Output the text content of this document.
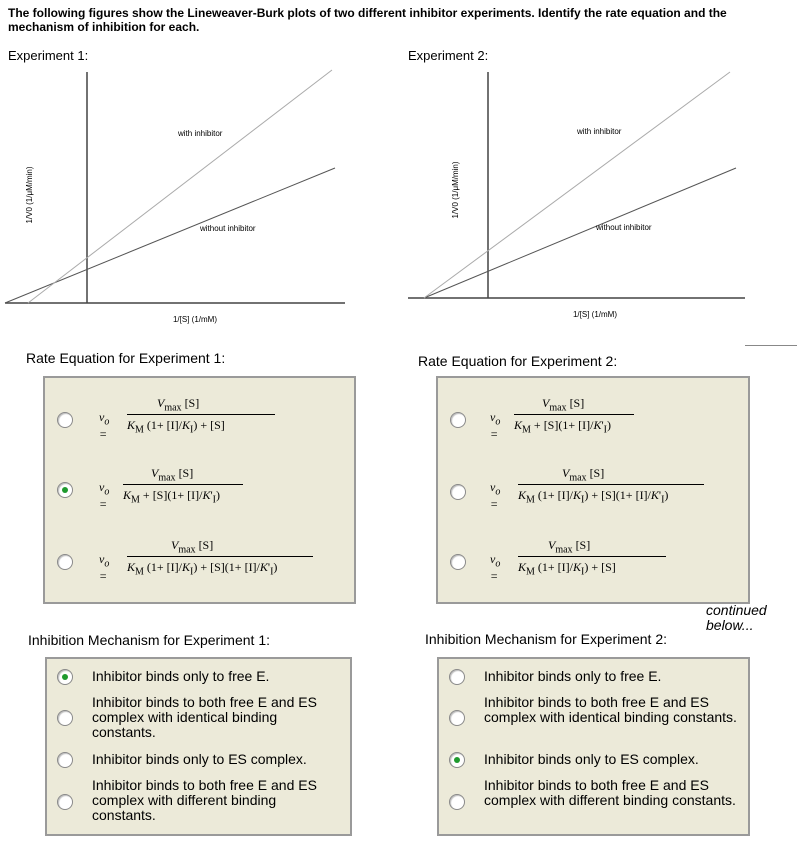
The following figures show the Lineweaver-Burk plots of two different inhibitor experiments. Identify the rate equation and the mechanism of inhibition for each.
Experiment 1:	Experiment 2:
with inhibitor
without inhibitor
1/V0 (1/μM/min)
1/[S] (1/mM)
with inhibitor
without inhibitor
1/V0 (1/μM/min)
1/[S] (1/mM)
Rate Equation for Experiment 1:	Rate Equation for Experiment 2:
$v_o$ =
$V_{max}$ [S]
$K_M$ $(1+ [I]/K_I) + [S]$
$v_o$ =
$V_{max}$ [S]
$K_M + [S](1+ [I]/K'_I)$
$v_o$ =
$V_{max}$ [S]
$K_M$ $(1+ [I]/K_I) + [S](1+ [I]/K'_I)$
$v_o$ =
$V_{max}$ [S]
$K_M + [S](1+ [I]/K'_I)$
$v_o$ =
$V_{max}$ [S]
$K_M$ $(1+ [I]/K_I) + [S](1+ [I]/K'_I)$
$v_o$ =
$V_{max}$ [S]
$K_M$ $(1+ [I]/K_I) + [S]$
continued below...
Inhibition Mechanism for Experiment 1:	Inhibition Mechanism for Experiment 2:
Inhibitor binds only to free E.
Inhibitor binds to both free E and ES complex with identical binding constants.
Inhibitor binds only to ES complex.
Inhibitor binds to both free E and ES complex with different binding constants.
Inhibitor binds only to free E.
Inhibitor binds to both free E and ES complex with identical binding constants.
Inhibitor binds only to ES complex.
Inhibitor binds to both free E and ES complex with different binding constants.
